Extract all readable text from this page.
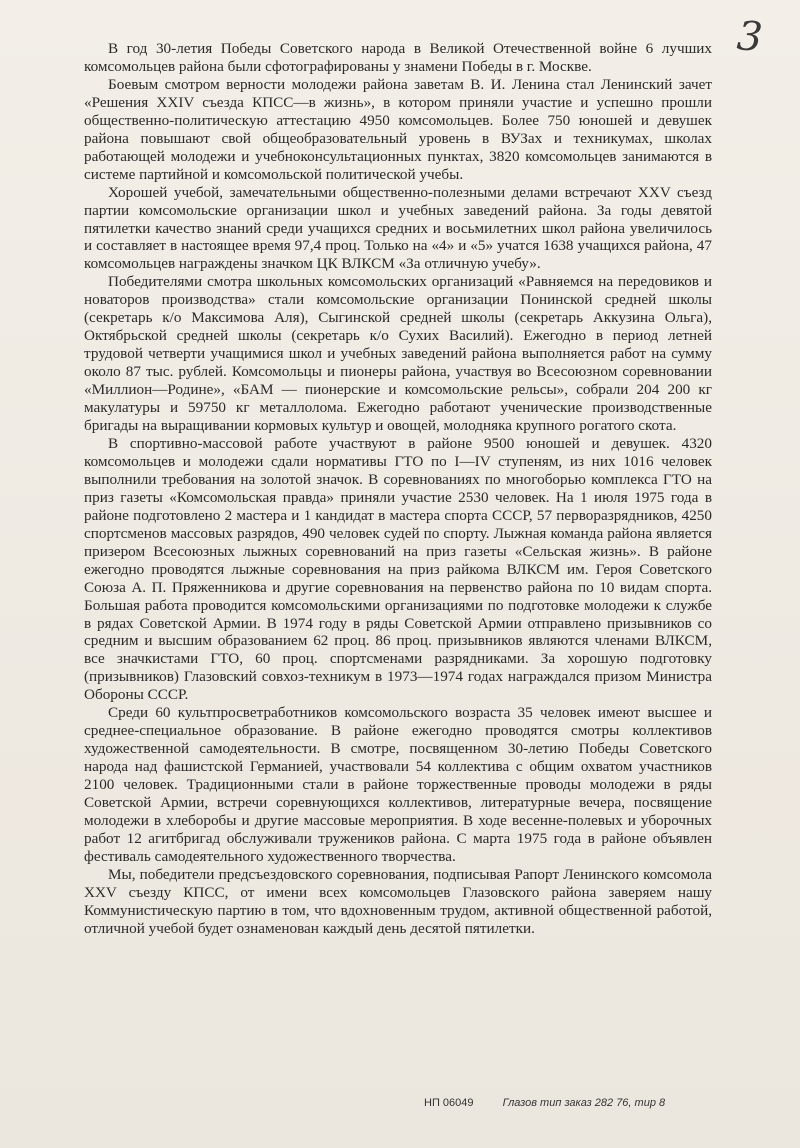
3

В год 30-летия Победы Советского народа в Великой Отечественной войне 6 лучших комсомольцев района были сфотографированы у знамени Победы в г. Москве.

Боевым смотром верности молодежи района заветам В. И. Ленина стал Ленинский зачет «Решения XXIV съезда КПСС—в жизнь», в котором приняли участие и успешно прошли общественно-политическую аттестацию 4950 комсомольцев. Более 750 юношей и девушек района повышают свой общеобразовательный уровень в ВУЗах и техникумах, школах работающей молодежи и учебноконсультационных пунктах, 3820 комсомольцев занимаются в системе партийной и комсомольской политической учебы.

Хорошей учебой, замечательными общественно-полезными делами встречают XXV съезд партии комсомольские организации школ и учебных заведений района. За годы девятой пятилетки качество знаний среди учащихся средних и восьмилетних школ района увеличилось и составляет в настоящее время 97,4 проц. Только на «4» и «5» учатся 1638 учащихся района, 47 комсомольцев награждены значком ЦК ВЛКСМ «За отличную учебу».

Победителями смотра школьных комсомольских организаций «Равняемся на передовиков и новаторов производства» стали комсомольские организации Понинской средней школы (секретарь к/о Максимова Аля), Сыгинской средней школы (секретарь Аккузина Ольга), Октябрьской средней школы (секретарь к/о Сухих Василий). Ежегодно в период летней трудовой четверти учащимися школ и учебных заведений района выполняется работ на сумму около 87 тыс. рублей. Комсомольцы и пионеры района, участвуя во Всесоюзном соревновании «Миллион—Родине», «БАМ — пионерские и комсомольские рельсы», собрали 204 200 кг макулатуры и 59750 кг металлолома. Ежегодно работают ученические производственные бригады на выращивании кормовых культур и овощей, молодняка крупного рогатого скота.

В спортивно-массовой работе участвуют в районе 9500 юношей и девушек. 4320 комсомольцев и молодежи сдали нормативы ГТО по I—IV ступеням, из них 1016 человек выполнили требования на золотой значок. В соревнованиях по многоборью комплекса ГТО на приз газеты «Комсомольская правда» приняли участие 2530 человек. На 1 июля 1975 года в районе подготовлено 2 мастера и 1 кандидат в мастера спорта СССР, 57 перворазрядников, 4250 спортсменов массовых разрядов, 490 человек судей по спорту. Лыжная команда района является призером Всесоюзных лыжных соревнований на приз газеты «Сельская жизнь». В районе ежегодно проводятся лыжные соревнования на приз райкома ВЛКСМ им. Героя Советского Союза А. П. Пряженникова и другие соревнования на первенство района по 10 видам спорта. Большая работа проводится комсомольскими организациями по подготовке молодежи к службе в рядах Советской Армии. В 1974 году в ряды Советской Армии отправлено призывников со средним и высшим образованием 62 проц. 86 проц. призывников являются членами ВЛКСМ, все значкистами ГТО, 60 проц. спортсменами разрядниками. За хорошую подготовку (призывников) Глазовский совхоз-техникум в 1973—1974 годах награждался призом Министра Обороны СССР.

Среди 60 культпросветработников комсомольского возраста 35 человек имеют высшее и среднее-специальное образование. В районе ежегодно проводятся смотры коллективов художественной самодеятельности. В смотре, посвященном 30-летию Победы Советского народа над фашистской Германией, участвовали 54 коллектива с общим охватом участников 2100 человек. Традиционными стали в районе торжественные проводы молодежи в ряды Советской Армии, встречи соревнующихся коллективов, литературные вечера, посвящение молодежи в хлеборобы и другие массовые мероприятия. В ходе весенне-полевых и уборочных работ 12 агитбригад обслуживали тружеников района. С марта 1975 года в районе объявлен фестиваль самодеятельного художественного творчества.

Мы, победители предсъездовского соревнования, подписывая Рапорт Ленинского комсомола XXV съезду КПСС, от имени всех комсомольцев Глазовского района заверяем нашу Коммунистическую партию в том, что вдохновенным трудом, активной общественной работой, отличной учебой будет ознаменован каждый день десятой пятилетки.

НП 06049	Глазов тип заказ 282 76, тир 8
